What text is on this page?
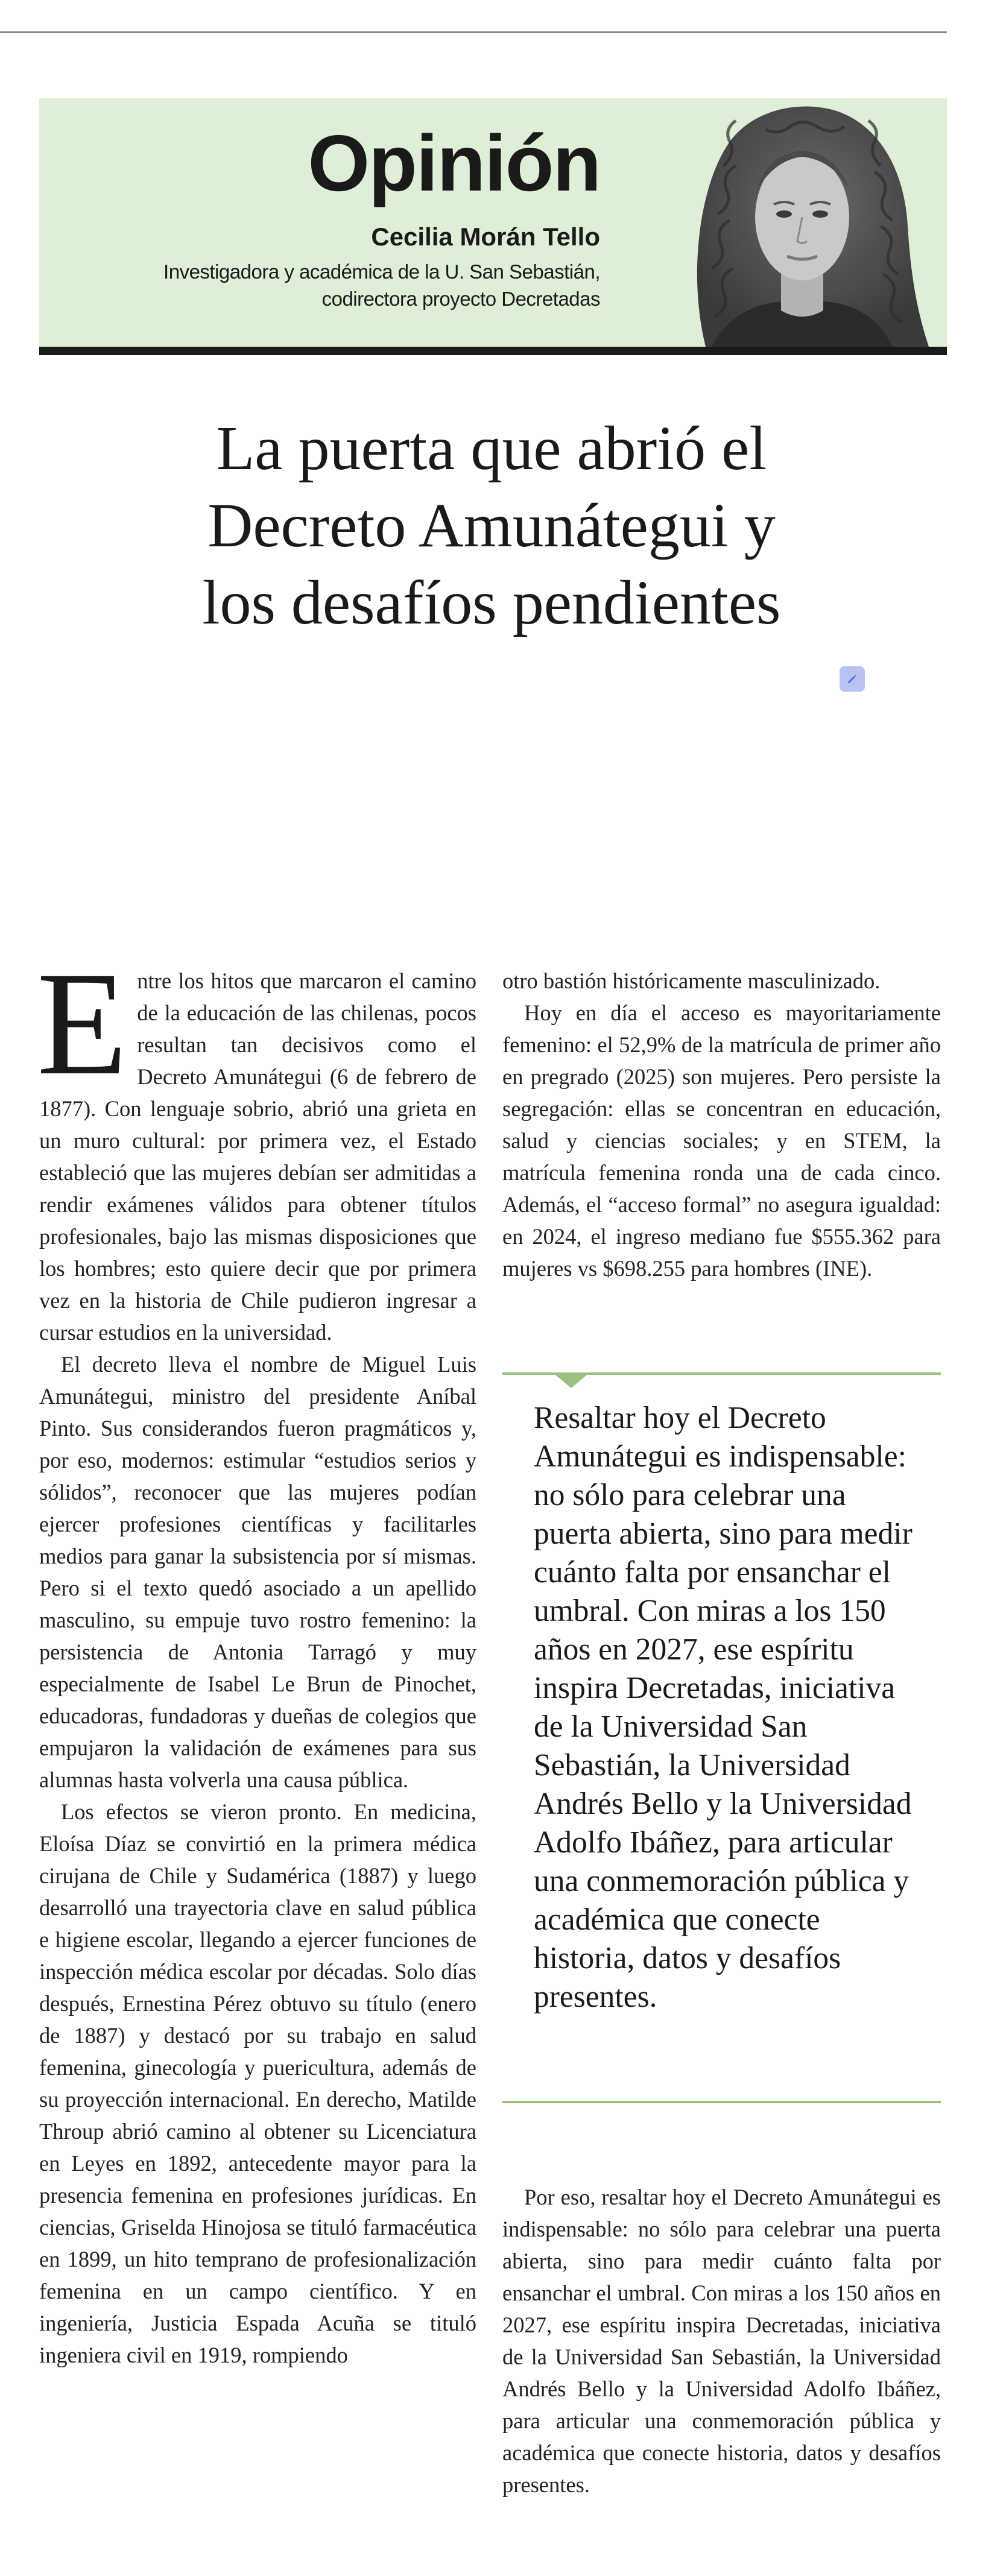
Opinión
Cecilia Morán Tello
Investigadora y académica de la U. San Sebastián, codirectora proyecto Decretadas
La puerta que abrió el Decreto Amunátegui y los desafíos pendientes

Entre los hitos que marcaron el camino de la educación de las chilenas, pocos resultan tan decisivos como el Decreto Amunátegui (6 de febrero de 1877). Con lenguaje sobrio, abrió una grieta en un muro cultural: por primera vez, el Estado estableció que las mujeres debían ser admitidas a rendir exámenes válidos para obtener títulos profesionales, bajo las mismas disposiciones que los hombres; esto quiere decir que por primera vez en la historia de Chile pudieron ingresar a cursar estudios en la universidad.

El decreto lleva el nombre de Miguel Luis Amunátegui, ministro del presidente Aníbal Pinto. Sus considerandos fueron pragmáticos y, por eso, modernos: estimular “estudios serios y sólidos”, reconocer que las mujeres podían ejercer profesiones científicas y facilitarles medios para ganar la subsistencia por sí mismas. Pero si el texto quedó asociado a un apellido masculino, su empuje tuvo rostro femenino: la persistencia de Antonia Tarragó y muy especialmente de Isabel Le Brun de Pinochet, educadoras, fundadoras y dueñas de colegios que empujaron la validación de exámenes para sus alumnas hasta volverla una causa pública.

Los efectos se vieron pronto. En medicina, Eloísa Díaz se convirtió en la primera médica cirujana de Chile y Sudamérica (1887) y luego desarrolló una trayectoria clave en salud pública e higiene escolar, llegando a ejercer funciones de inspección médica escolar por décadas. Solo días después, Ernestina Pérez obtuvo su título (enero de 1887) y destacó por su trabajo en salud femenina, ginecología y puericultura, además de su proyección internacional. En derecho, Matilde Throup abrió camino al obtener su Licenciatura en Leyes en 1892, antecedente mayor para la presencia femenina en profesiones jurídicas. En ciencias, Griselda Hinojosa se tituló farmacéutica en 1899, un hito temprano de profesionalización femenina en un campo científico. Y en ingeniería, Justicia Espada Acuña se tituló ingeniera civil en 1919, rompiendo

otro bastión históricamente masculinizado.

Hoy en día el acceso es mayoritariamente femenino: el 52,9% de la matrícula de primer año en pregrado (2025) son mujeres. Pero persiste la segregación: ellas se concentran en educación, salud y ciencias sociales; y en STEM, la matrícula femenina ronda una de cada cinco. Además, el “acceso formal” no asegura igualdad: en 2024, el ingreso mediano fue $555.362 para mujeres vs $698.255 para hombres (INE).

Resaltar hoy el Decreto Amunátegui es indispensable: no sólo para celebrar una puerta abierta, sino para medir cuánto falta por ensanchar el umbral. Con miras a los 150 años en 2027, ese espíritu inspira Decretadas, iniciativa de la Universidad San Sebastián, la Universidad Andrés Bello y la Universidad Adolfo Ibáñez, para articular una conmemoración pública y académica que conecte historia, datos y desafíos presentes.

Por eso, resaltar hoy el Decreto Amunátegui es indispensable: no sólo para celebrar una puerta abierta, sino para medir cuánto falta por ensanchar el umbral. Con miras a los 150 años en 2027, ese espíritu inspira Decretadas, iniciativa de la Universidad San Sebastián, la Universidad Andrés Bello y la Universidad Adolfo Ibáñez, para articular una conmemoración pública y académica que conecte historia, datos y desafíos presentes.
